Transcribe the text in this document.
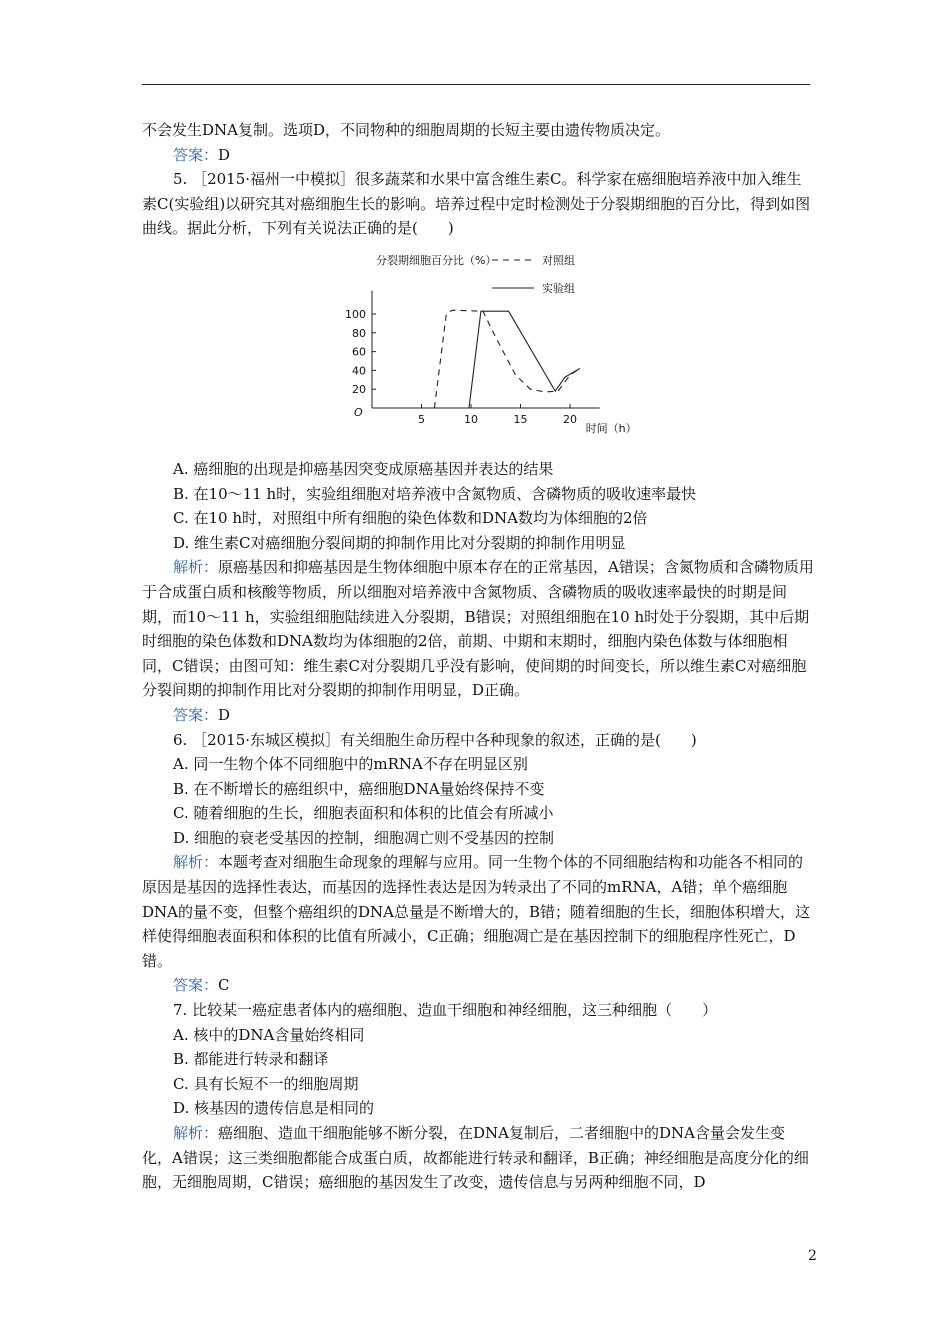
不会发生DNA复制。选项D，不同物种的细胞周期的长短主要由遗传物质决定。

答案：D

5. ［2015·福州一中模拟］很多蔬菜和水果中富含维生素C。科学家在癌细胞培养液中加入维生素C(实验组)以研究其对癌细胞生长的影响。培养过程中定时检测处于分裂期细胞的百分比，得到如图曲线。据此分析，下列有关说法正确的是(　　)

20
40
60
80
100
5	10	15	20
O
分裂期细胞百分比（%）
时间（h）
对照组
实验组

A. 癌细胞的出现是抑癌基因突变成原癌基因并表达的结果

B. 在10～11 h时，实验组细胞对培养液中含氮物质、含磷物质的吸收速率最快

C. 在10 h时，对照组中所有细胞的染色体数和DNA数均为体细胞的2倍

D. 维生素C对癌细胞分裂间期的抑制作用比对分裂期的抑制作用明显

解析：原癌基因和抑癌基因是生物体细胞中原本存在的正常基因，A错误；含氮物质和含磷物质用于合成蛋白质和核酸等物质，所以细胞对培养液中含氮物质、含磷物质的吸收速率最快的时期是间期，而10～11 h，实验组细胞陆续进入分裂期，B错误；对照组细胞在10 h时处于分裂期，其中后期时细胞的染色体数和DNA数均为体细胞的2倍，前期、中期和末期时，细胞内染色体数与体细胞相同，C错误；由图可知：维生素C对分裂期几乎没有影响，使间期的时间变长，所以维生素C对癌细胞分裂间期的抑制作用比对分裂期的抑制作用明显，D正确。

答案：D

6. ［2015·东城区模拟］有关细胞生命历程中各种现象的叙述，正确的是(　　)

A. 同一生物个体不同细胞中的mRNA不存在明显区别

B. 在不断增长的癌组织中，癌细胞DNA量始终保持不变

C. 随着细胞的生长，细胞表面积和体积的比值会有所减小

D. 细胞的衰老受基因的控制，细胞凋亡则不受基因的控制

解析：本题考查对细胞生命现象的理解与应用。同一生物个体的不同细胞结构和功能各不相同的原因是基因的选择性表达，而基因的选择性表达是因为转录出了不同的mRNA，A错；单个癌细胞DNA的量不变，但整个癌组织的DNA总量是不断增大的，B错；随着细胞的生长，细胞体积增大，这样使得细胞表面积和体积的比值有所减小，C正确；细胞凋亡是在基因控制下的细胞程序性死亡，D错。

答案：C

7. 比较某一癌症患者体内的癌细胞、造血干细胞和神经细胞，这三种细胞（　　）

A. 核中的DNA含量始终相同

B. 都能进行转录和翻译

C. 具有长短不一的细胞周期

D. 核基因的遗传信息是相同的

解析：癌细胞、造血干细胞能够不断分裂，在DNA复制后，二者细胞中的DNA含量会发生变化，A错误；这三类细胞都能合成蛋白质，故都能进行转录和翻译，B正确；神经细胞是高度分化的细胞，无细胞周期，C错误；癌细胞的基因发生了改变，遗传信息与另两种细胞不同，D

2
